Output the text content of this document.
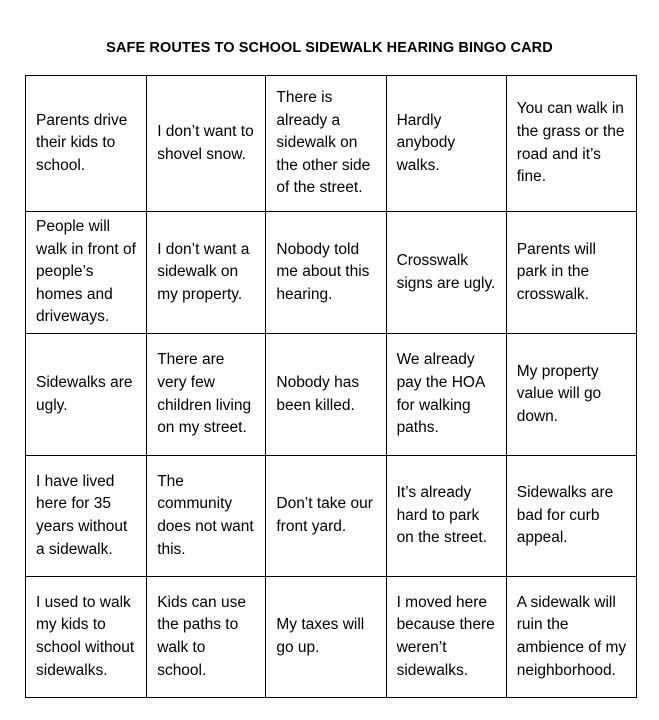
SAFE ROUTES TO SCHOOL SIDEWALK HEARING BINGO CARD
Parents drive their kids to school.	I don’t want to shovel snow.	There is already a sidewalk on the other side of the street.	Hardly anybody walks.	You can walk in the grass or the road and it’s fine.
People will walk in front of people’s homes and driveways.	I don’t want a sidewalk on my property.	Nobody told me about this hearing.	Crosswalk signs are ugly.	Parents will park in the crosswalk.
Sidewalks are ugly.	There are very few children living on my street.	Nobody has been killed.	We already pay the HOA for walking paths.	My property value will go down.
I have lived here for 35 years without a sidewalk.	The community does not want this.	Don’t take our front yard.	It’s already hard to park on the street.	Sidewalks are bad for curb appeal.
I used to walk my kids to school without sidewalks.	Kids can use the paths to walk to school.	My taxes will go up.	I moved here because there weren’t sidewalks.	A sidewalk will ruin the ambience of my neighborhood.
